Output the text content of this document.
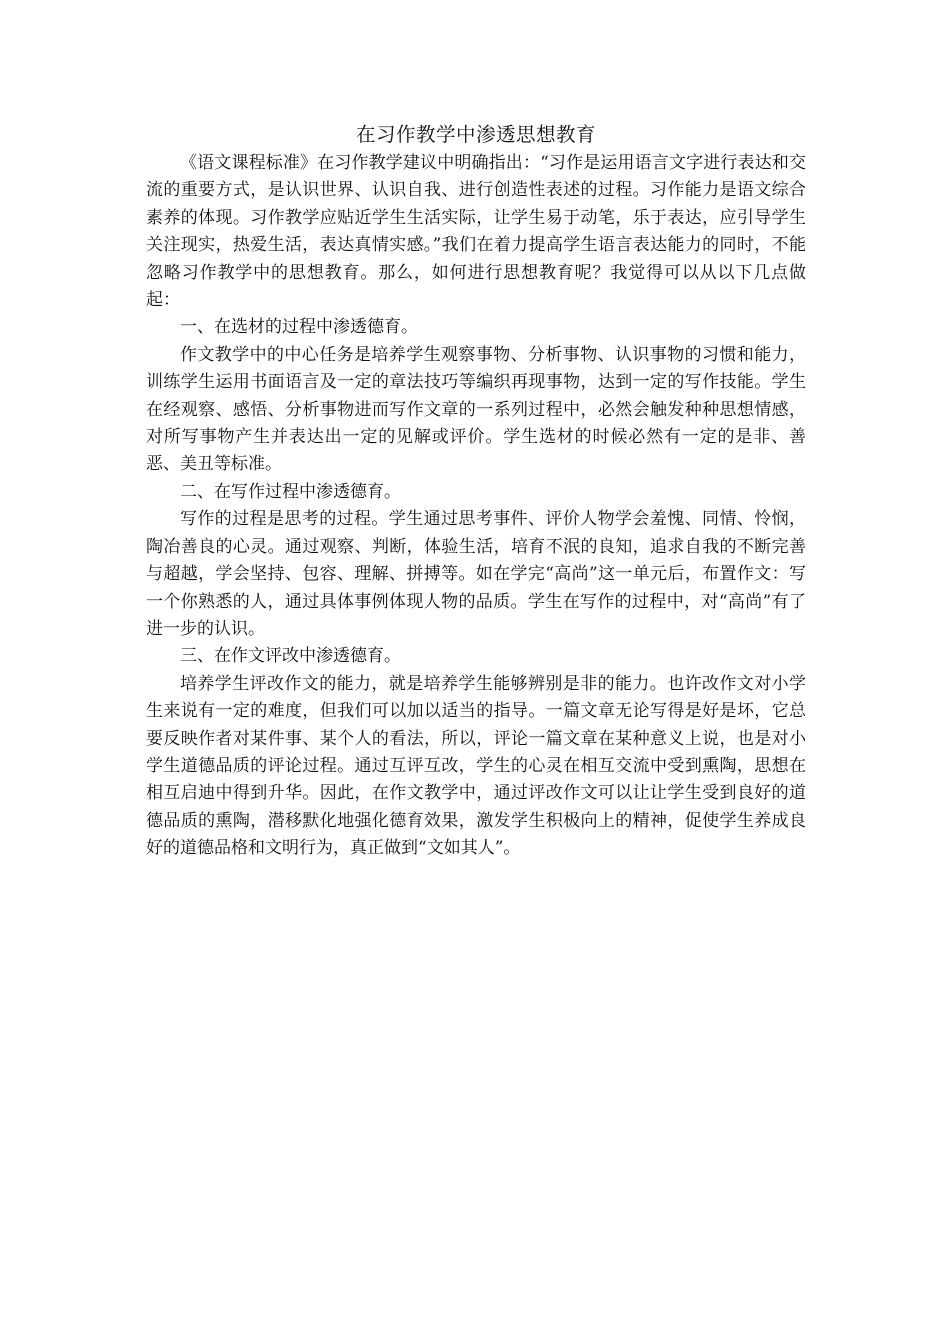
在习作教学中渗透思想教育

《语文课程标准》在习作教学建议中明确指出：“习作是运用语言文字进行表达和交流的重要方式，是认识世界、认识自我、进行创造性表述的过程。习作能力是语文综合素养的体现。习作教学应贴近学生生活实际，让学生易于动笔，乐于表达，应引导学生关注现实，热爱生活，表达真情实感。”我们在着力提高学生语言表达能力的同时，不能忽略习作教学中的思想教育。那么，如何进行思想教育呢？我觉得可以从以下几点做起：

一、在选材的过程中渗透德育。

作文教学中的中心任务是培养学生观察事物、分析事物、认识事物的习惯和能力，训练学生运用书面语言及一定的章法技巧等编织再现事物，达到一定的写作技能。学生在经观察、感悟、分析事物进而写作文章的一系列过程中，必然会触发种种思想情感，对所写事物产生并表达出一定的见解或评价。学生选材的时候必然有一定的是非、善恶、美丑等标准。

二、在写作过程中渗透德育。

写作的过程是思考的过程。学生通过思考事件、评价人物学会羞愧、同情、怜悯，陶冶善良的心灵。通过观察、判断，体验生活，培育不泯的良知，追求自我的不断完善与超越，学会坚持、包容、理解、拼搏等。如在学完“高尚”这一单元后，布置作文：写一个你熟悉的人，通过具体事例体现人物的品质。学生在写作的过程中，对“高尚”有了进一步的认识。

三、在作文评改中渗透德育。

培养学生评改作文的能力，就是培养学生能够辨别是非的能力。也许改作文对小学生来说有一定的难度，但我们可以加以适当的指导。一篇文章无论写得是好是坏，它总要反映作者对某件事、某个人的看法，所以，评论一篇文章在某种意义上说，也是对小学生道德品质的评论过程。通过互评互改，学生的心灵在相互交流中受到熏陶，思想在相互启迪中得到升华。因此，在作文教学中，通过评改作文可以让让学生受到良好的道德品质的熏陶，潜移默化地强化德育效果，激发学生积极向上的精神，促使学生养成良好的道德品格和文明行为，真正做到“文如其人”。
